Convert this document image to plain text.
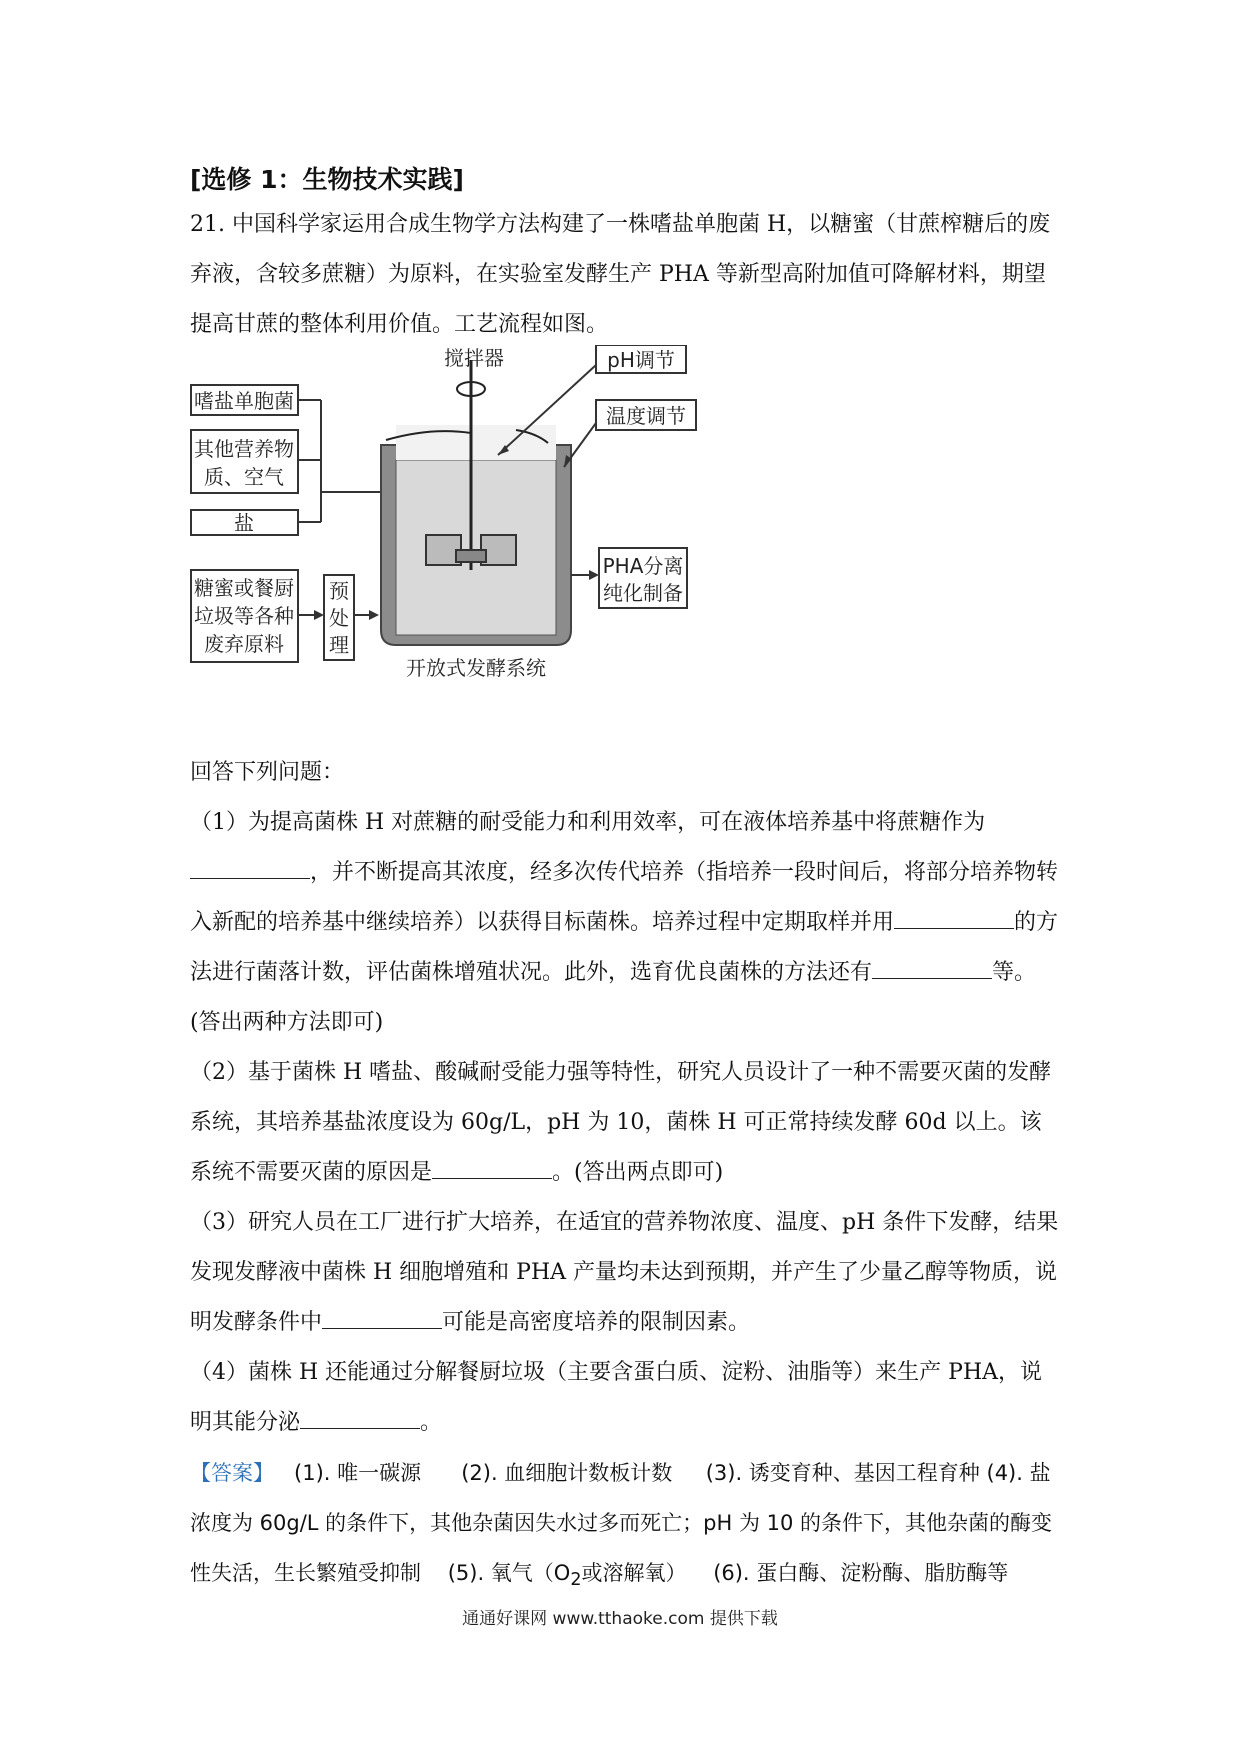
[选修 1：生物技术实践]

21. 中国科学家运用合成生物学方法构建了一株嗜盐单胞菌 H，以糖蜜（甘蔗榨糖后的废弃液，含较多蔗糖）为原料，在实验室发酵生产 PHA 等新型高附加值可降解材料，期望提高甘蔗的整体利用价值。工艺流程如图。

嗜盐单胞菌
其他营养物
质、空气
盐
糖蜜或餐厨
垃圾等各种
废弃原料
预
处
理
搅拌器	pH调节
温度调节
PHA分离
纯化制备
开放式发酵系统

回答下列问题：

（1）为提高菌株 H 对蔗糖的耐受能力和利用效率，可在液体培养基中将蔗糖作为
，并不断提高其浓度，经多次传代培养（指培养一段时间后，将部分培养物转入新配的培养基中继续培养）以获得目标菌株。培养过程中定期取样并用	的方法进行菌落计数，评估菌株增殖状况。此外，选育优良菌株的方法还有	等。(答出两种方法即可)

（2）基于菌株 H 嗜盐、酸碱耐受能力强等特性，研究人员设计了一种不需要灭菌的发酵系统，其培养基盐浓度设为 60g/L，pH 为 10，菌株 H 可正常持续发酵 60d 以上。该系统不需要灭菌的原因是	。(答出两点即可)

（3）研究人员在工厂进行扩大培养，在适宜的营养物浓度、温度、pH 条件下发酵，结果发现发酵液中菌株 H 细胞增殖和 PHA 产量均未达到预期，并产生了少量乙醇等物质，说明发酵条件中	可能是高密度培养的限制因素。

（4）菌株 H 还能通过分解餐厨垃圾（主要含蛋白质、淀粉、油脂等）来生产 PHA，说明其能分泌	。

【答案】 (1). 唯一碳源 (2). 血细胞计数板计数 (3). 诱变育种、基因工程育种 (4). 盐浓度为 60g/L 的条件下，其他杂菌因失水过多而死亡；pH 为 10 的条件下，其他杂菌的酶变性失活，生长繁殖受抑制 (5). 氧气（$O_2$或溶解氧） (6). 蛋白酶、淀粉酶、脂肪酶等

通通好课网 www.tthaoke.com 提供下载
